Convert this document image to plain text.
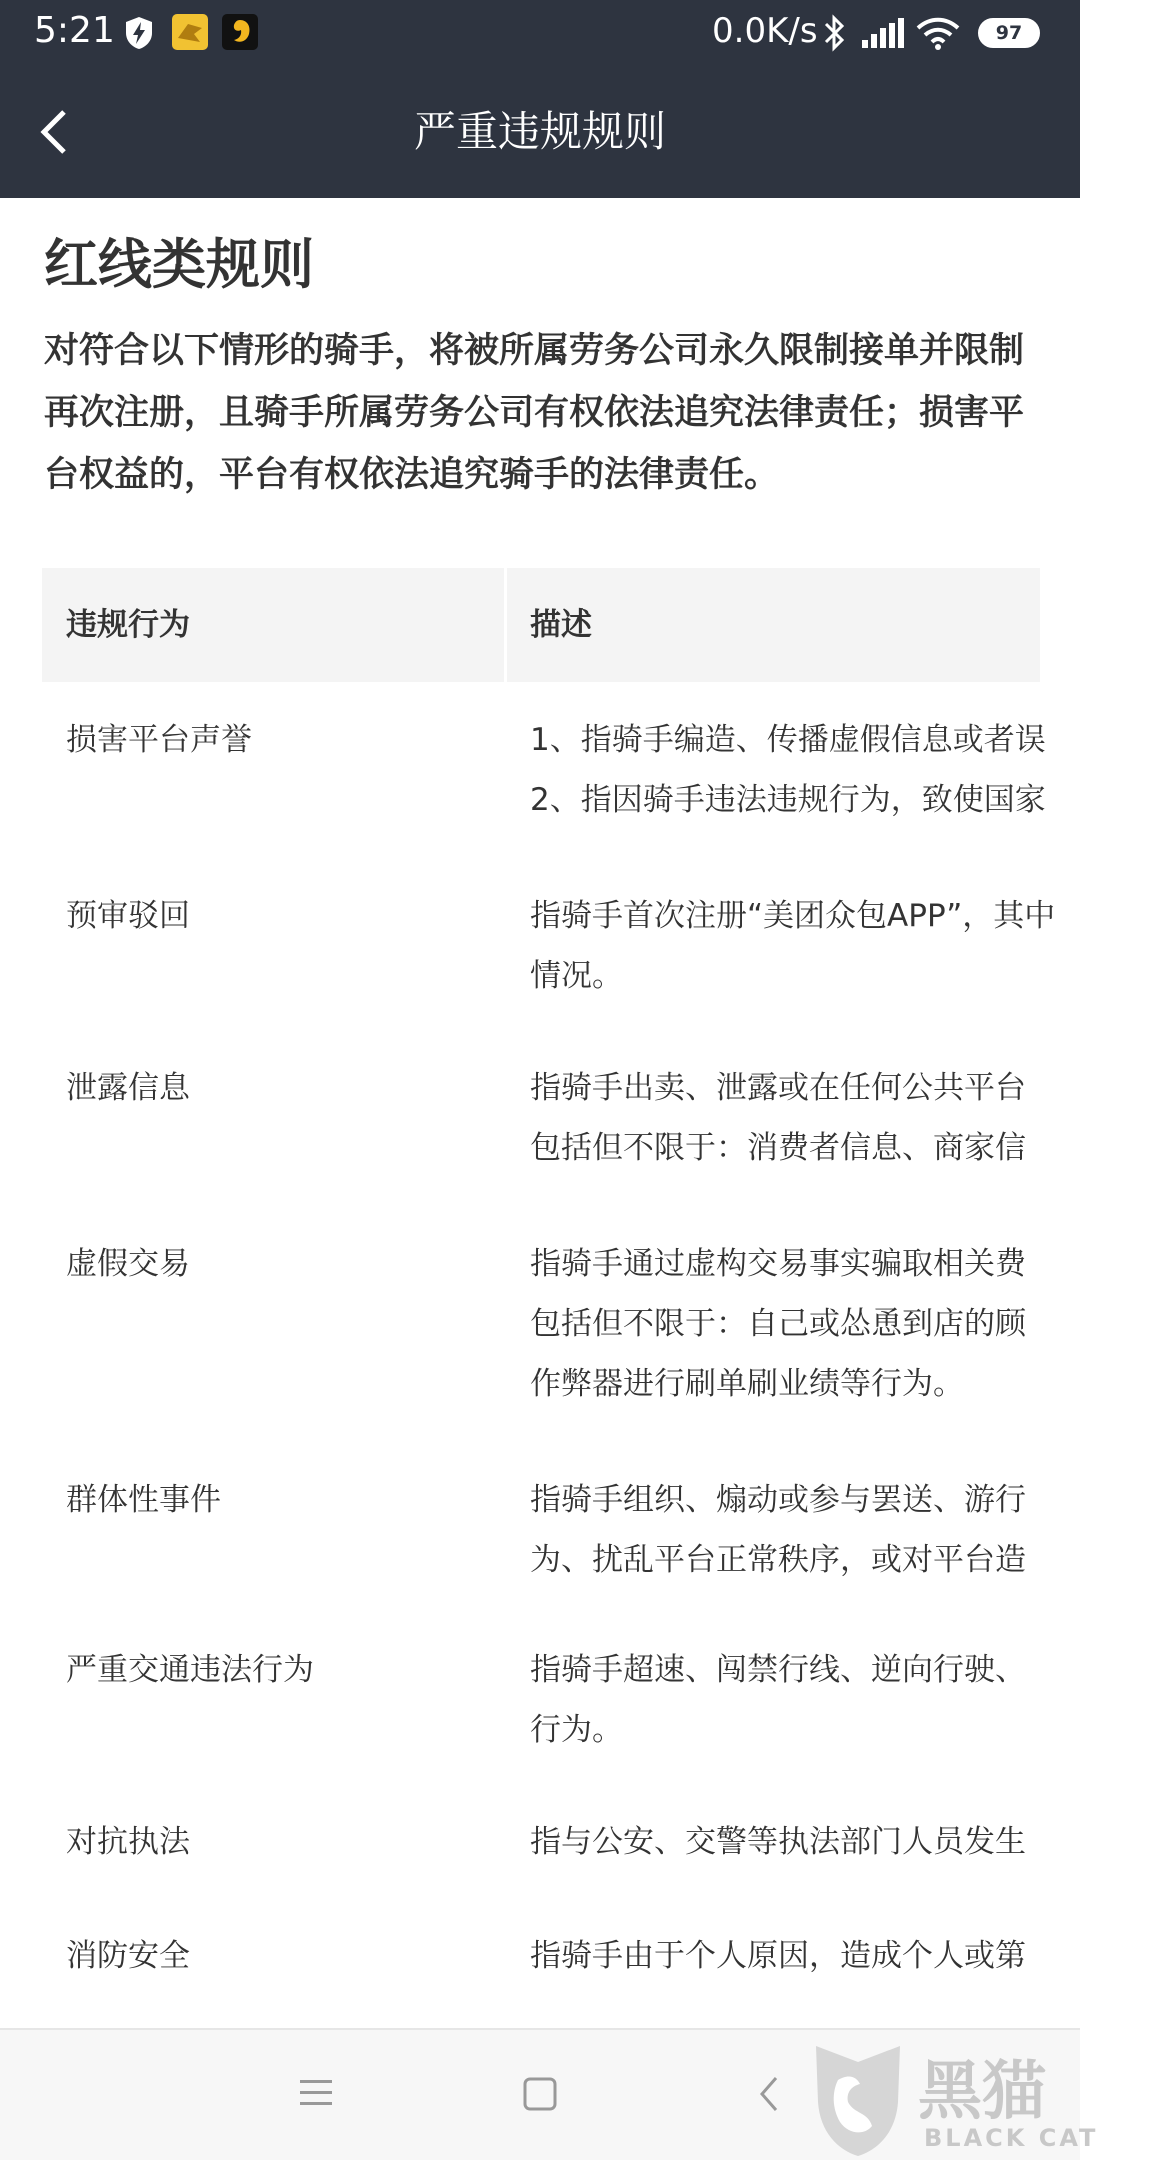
5:21	0.0K/s	97
严重违规规则
红线类规则
对符合以下情形的骑手，将被所属劳务公司永久限制接单并限制再次注册，且骑手所属劳务公司有权依法追究法律责任；损害平台权益的，平台有权依法追究骑手的法律责任。
违规行为	描述
损害平台声誉	1、指骑手编造、传播虚假信息或者误
2、指因骑手违法违规行为，致使国家
预审驳回	指骑手首次注册“美团众包APP”，其中
情况。
泄露信息	指骑手出卖、泄露或在任何公共平台
包括但不限于：消费者信息、商家信
虚假交易	指骑手通过虚构交易事实骗取相关费
包括但不限于：自己或怂恿到店的顾
作弊器进行刷单刷业绩等行为。
群体性事件	指骑手组织、煽动或参与罢送、游行
为、扰乱平台正常秩序，或对平台造
严重交通违法行为	指骑手超速、闯禁行线、逆向行驶、
行为。
对抗执法	指与公安、交警等执法部门人员发生
消防安全	指骑手由于个人原因，造成个人或第
黑猫
BLACK CAT
